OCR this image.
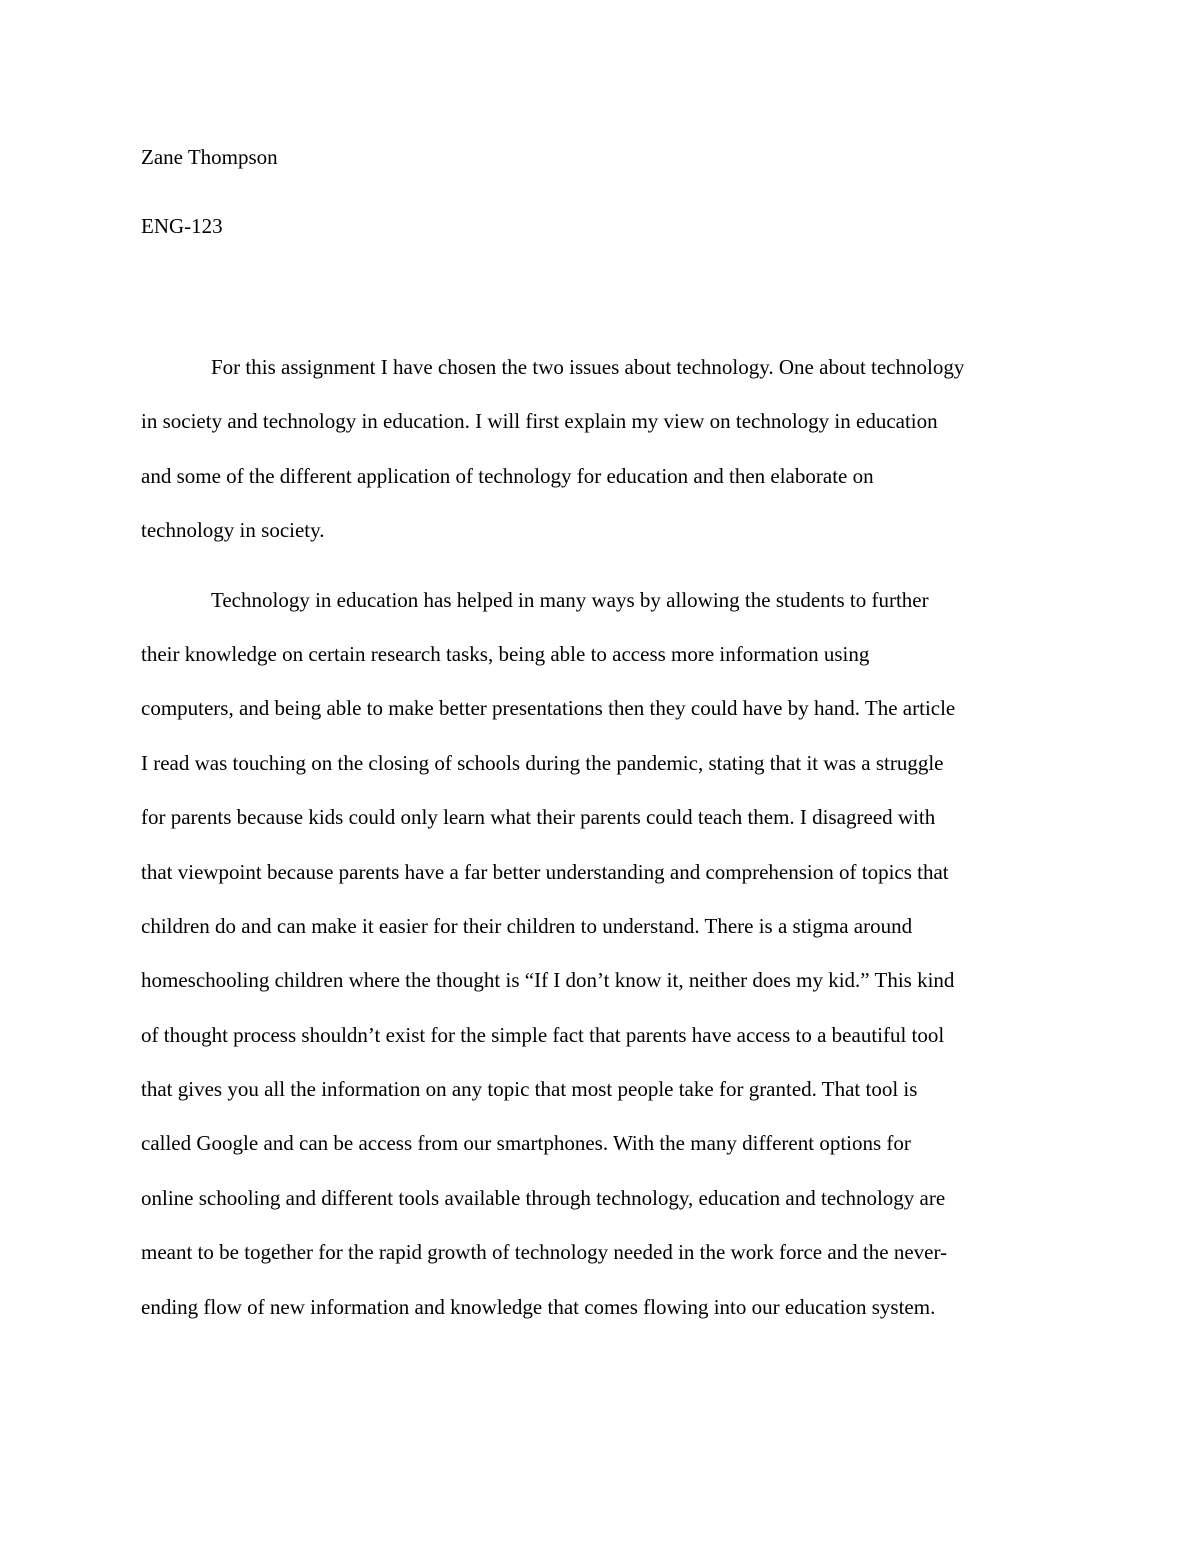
Zane Thompson

ENG-123

For this assignment I have chosen the two issues about technology. One about technology
in society and technology in education. I will first explain my view on technology in education
and some of the different application of technology for education and then elaborate on
technology in society.
Technology in education has helped in many ways by allowing the students to further
their knowledge on certain research tasks, being able to access more information using
computers, and being able to make better presentations then they could have by hand. The article
I read was touching on the closing of schools during the pandemic, stating that it was a struggle
for parents because kids could only learn what their parents could teach them. I disagreed with
that viewpoint because parents have a far better understanding and comprehension of topics that
children do and can make it easier for their children to understand. There is a stigma around
homeschooling children where the thought is “If I don’t know it, neither does my kid.” This kind
of thought process shouldn’t exist for the simple fact that parents have access to a beautiful tool
that gives you all the information on any topic that most people take for granted. That tool is
called Google and can be access from our smartphones. With the many different options for
online schooling and different tools available through technology, education and technology are
meant to be together for the rapid growth of technology needed in the work force and the never-
ending flow of new information and knowledge that comes flowing into our education system.
